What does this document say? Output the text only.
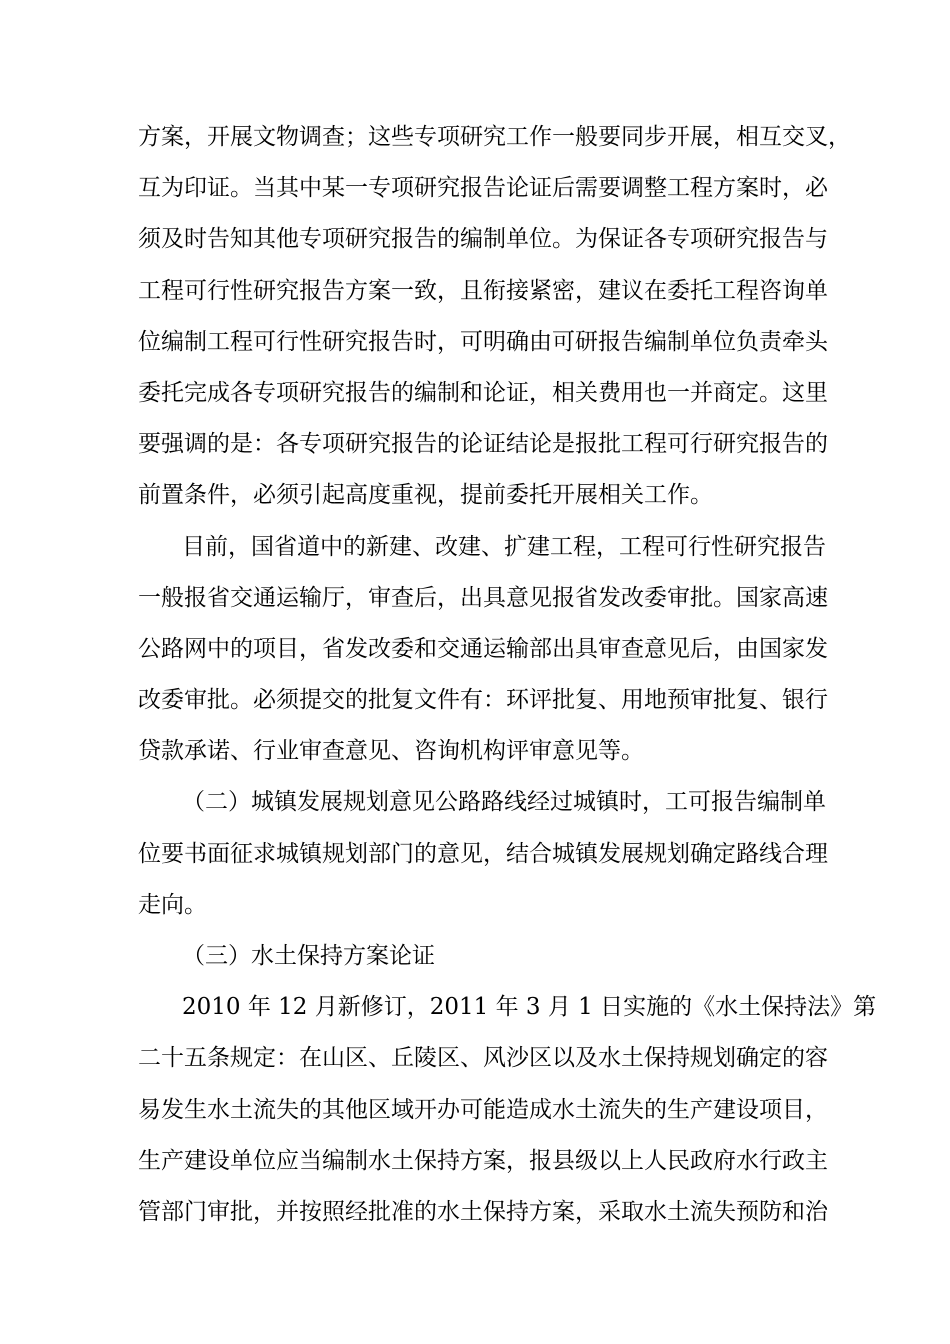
方案，开展文物调查；这些专项研究工作一般要同步开展，相互交叉，
互为印证。当其中某一专项研究报告论证后需要调整工程方案时，必
须及时告知其他专项研究报告的编制单位。为保证各专项研究报告与
工程可行性研究报告方案一致，且衔接紧密，建议在委托工程咨询单
位编制工程可行性研究报告时，可明确由可研报告编制单位负责牵头
委托完成各专项研究报告的编制和论证，相关费用也一并商定。这里
要强调的是：各专项研究报告的论证结论是报批工程可行研究报告的
前置条件，必须引起高度重视，提前委托开展相关工作。
目前，国省道中的新建、改建、扩建工程，工程可行性研究报告
一般报省交通运输厅，审查后，出具意见报省发改委审批。国家高速
公路网中的项目，省发改委和交通运输部出具审查意见后，由国家发
改委审批。必须提交的批复文件有：环评批复、用地预审批复、银行
贷款承诺、行业审查意见、咨询机构评审意见等。
（二）城镇发展规划意见公路路线经过城镇时，工可报告编制单
位要书面征求城镇规划部门的意见，结合城镇发展规划确定路线合理
走向。
（三）水土保持方案论证
2010 年 12 月新修订，2011 年 3 月 1 日实施的《水土保持法》第
二十五条规定：在山区、丘陵区、风沙区以及水土保持规划确定的容
易发生水土流失的其他区域开办可能造成水土流失的生产建设项目，
生产建设单位应当编制水土保持方案，报县级以上人民政府水行政主
管部门审批，并按照经批准的水土保持方案，采取水土流失预防和治
